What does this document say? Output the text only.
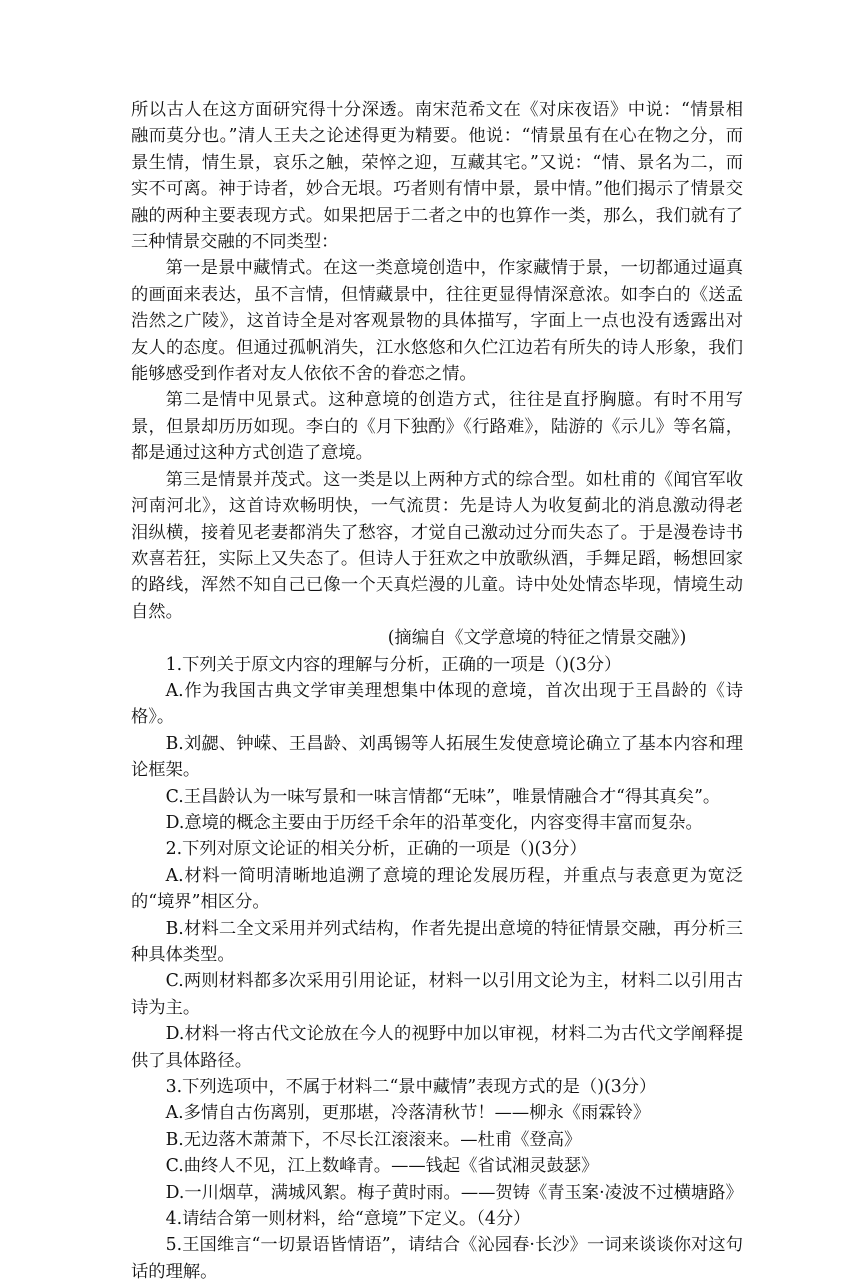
所以古人在这方面研究得十分深透。南宋范希文在《对床夜语》中说：“情景相融而莫分也。”清人王夫之论述得更为精要。他说：“情景虽有在心在物之分，而景生情，情生景，哀乐之触，荣悴之迎，互藏其宅。”又说：“情、景名为二，而实不可离。神于诗者，妙合无垠。巧者则有情中景，景中情。”他们揭示了情景交融的两种主要表现方式。如果把居于二者之中的也算作一类，那么，我们就有了三种情景交融的不同类型：

第一是景中藏情式。在这一类意境创造中，作家藏情于景，一切都通过逼真的画面来表达，虽不言情，但情藏景中，往往更显得情深意浓。如李白的《送孟浩然之广陵》，这首诗全是对客观景物的具体描写，字面上一点也没有透露出对友人的态度。但通过孤帆消失，江水悠悠和久伫江边若有所失的诗人形象，我们能够感受到作者对友人依依不舍的眷恋之情。

第二是情中见景式。这种意境的创造方式，往往是直抒胸臆。有时不用写景，但景却历历如现。李白的《月下独酌》《行路难》，陆游的《示儿》等名篇，都是通过这种方式创造了意境。

第三是情景并茂式。这一类是以上两种方式的综合型。如杜甫的《闻官军收河南河北》，这首诗欢畅明快，一气流贯：先是诗人为收复蓟北的消息激动得老泪纵横，接着见老妻都消失了愁容，才觉自己激动过分而失态了。于是漫卷诗书欢喜若狂，实际上又失态了。但诗人于狂欢之中放歌纵酒，手舞足蹈，畅想回家的路线，浑然不知自己已像一个天真烂漫的儿童。诗中处处情态毕现，情境生动自然。

(摘编自《文学意境的特征之情景交融》)

1.下列关于原文内容的理解与分析，正确的一项是（)(3分）

A.作为我国古典文学审美理想集中体现的意境，首次出现于王昌龄的《诗格》。

B.刘勰、钟嵘、王昌龄、刘禹锡等人拓展生发使意境论确立了基本内容和理论框架。

C.王昌龄认为一味写景和一味言情都“无味”，唯景情融合才“得其真矣”。

D.意境的概念主要由于历经千余年的沿革变化，内容变得丰富而复杂。

2.下列对原文论证的相关分析，正确的一项是（)(3分）

A.材料一简明清晰地追溯了意境的理论发展历程，并重点与表意更为宽泛的“境界”相区分。

B.材料二全文采用并列式结构，作者先提出意境的特征情景交融，再分析三种具体类型。

C.两则材料都多次采用引用论证，材料一以引用文论为主，材料二以引用古诗为主。

D.材料一将古代文论放在今人的视野中加以审视，材料二为古代文学阐释提供了具体路径。

3.下列选项中，不属于材料二“景中藏情”表现方式的是（)(3分）

A.多情自古伤离别，更那堪，冷落清秋节！——柳永《雨霖铃》

B.无边落木萧萧下，不尽长江滚滚来。—杜甫《登高》

C.曲终人不见，江上数峰青。——钱起《省试湘灵鼓瑟》

D.一川烟草，满城风絮。梅子黄时雨。——贺铸《青玉案·凌波不过横塘路》

4.请结合第一则材料，给“意境”下定义。（4分）

5.王国维言“一切景语皆情语”，请结合《沁园春·长沙》一词来谈谈你对这句话的理解。
